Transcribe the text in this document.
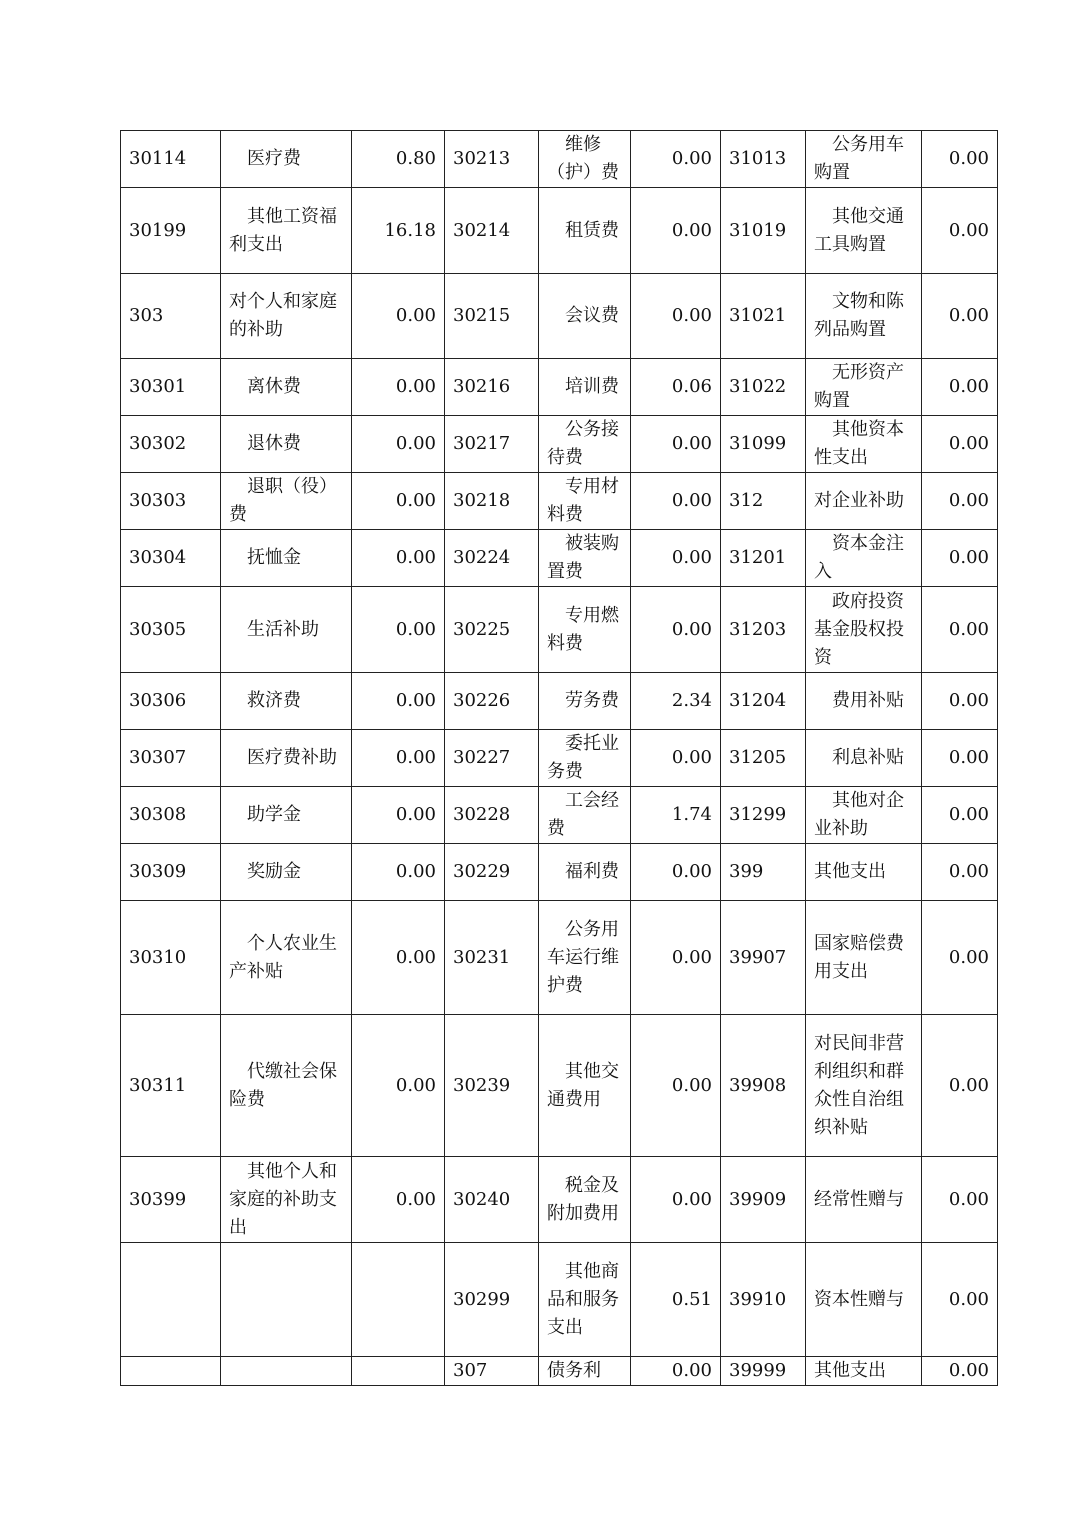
30114	医疗费	0.80	30213	维修（护）费	0.00	31013	公务用车购置	0.00
30199	其他工资福利支出	16.18	30214	租赁费	0.00	31019	其他交通工具购置	0.00
303	对个人和家庭的补助	0.00	30215	会议费	0.00	31021	文物和陈列品购置	0.00
30301	离休费	0.00	30216	培训费	0.06	31022	无形资产购置	0.00
30302	退休费	0.00	30217	公务接待费	0.00	31099	其他资本性支出	0.00
30303	退职（役）费	0.00	30218	专用材料费	0.00	312	对企业补助	0.00
30304	抚恤金	0.00	30224	被装购置费	0.00	31201	资本金注入	0.00
30305	生活补助	0.00	30225	专用燃料费	0.00	31203	政府投资基金股权投资	0.00
30306	救济费	0.00	30226	劳务费	2.34	31204	费用补贴	0.00
30307	医疗费补助	0.00	30227	委托业务费	0.00	31205	利息补贴	0.00
30308	助学金	0.00	30228	工会经费	1.74	31299	其他对企业补助	0.00
30309	奖励金	0.00	30229	福利费	0.00	399	其他支出	0.00
30310	个人农业生产补贴	0.00	30231	公务用车运行维护费	0.00	39907	国家赔偿费用支出	0.00
30311	代缴社会保险费	0.00	30239	其他交通费用	0.00	39908	对民间非营利组织和群众性自治组织补贴	0.00
30399	其他个人和家庭的补助支出	0.00	30240	税金及附加费用	0.00	39909	经常性赠与	0.00
			30299	其他商品和服务支出	0.51	39910	资本性赠与	0.00
			307	债务利	0.00	39999	其他支出	0.00
